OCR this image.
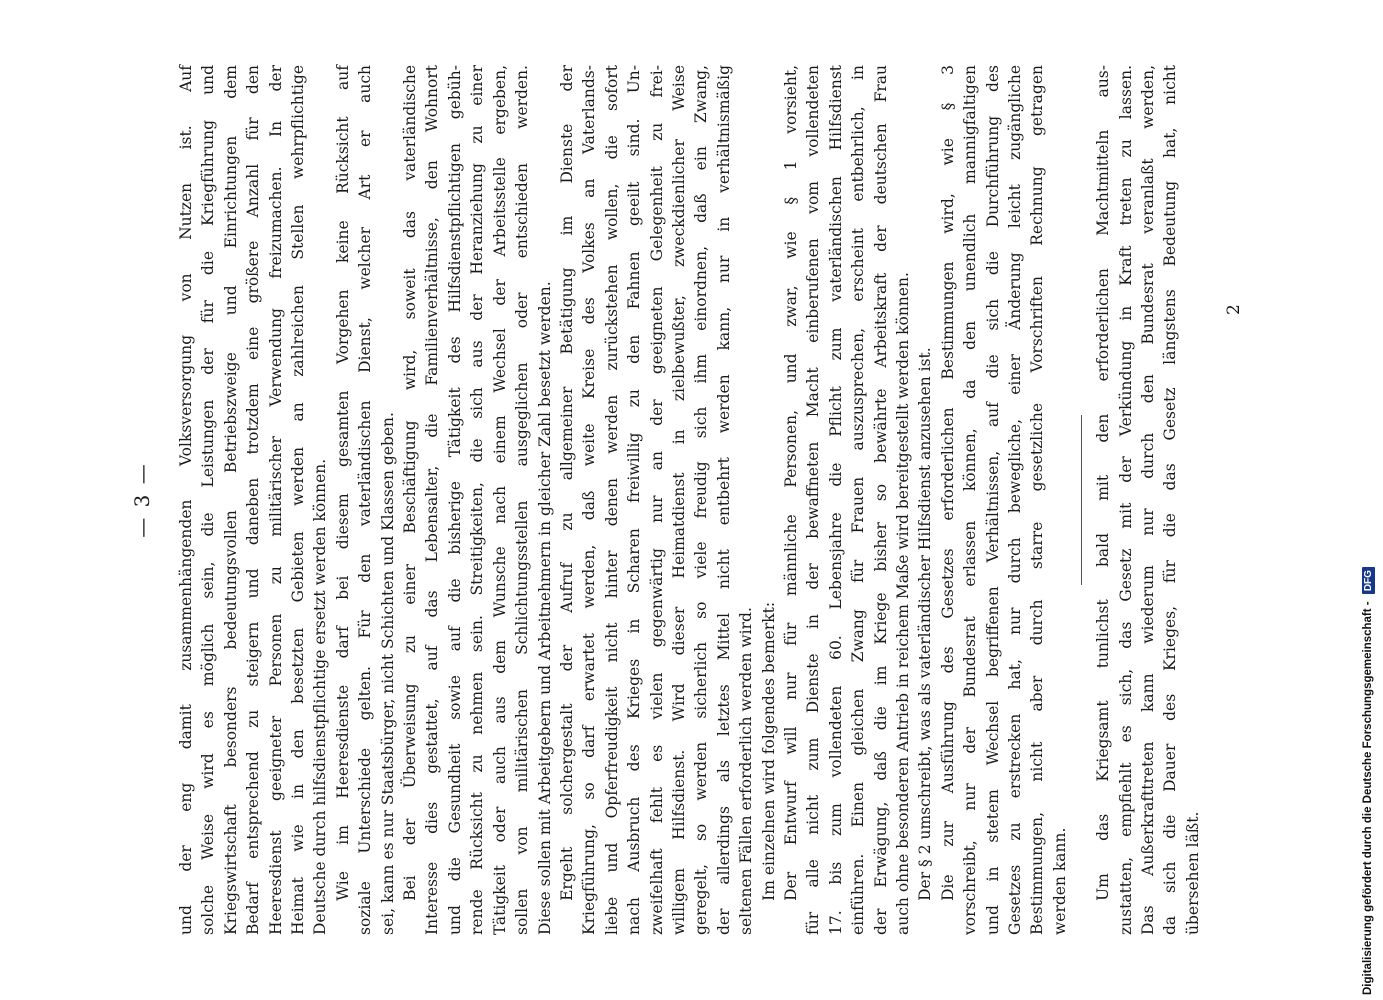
— 3 — und der eng damit zusammenhängenden Volksversorgung von Nutzen ist. Auf solche Weise wird es möglich sein, die Leistungen der für die Kriegführung und Kriegswirtschaft besonders bedeutungsvollen Betriebszweige und Einrichtungen dem Bedarf entsprechend zu steigern und daneben trotzdem eine größere Anzahl für den Heeresdienst geeigneter Personen zu militärischer Verwendung freizumachen. In der Heimat wie in den besetzten Gebieten werden an zahlreichen Stellen wehrpflichtige Deutsche durch hilfsdienstpflichtige ersetzt werden können. Wie im Heeresdienste darf bei diesem gesamten Vorgehen keine Rücksicht auf soziale Unterschiede gelten. Für den vaterländischen Dienst, welcher Art er auch sei, kann es nur Staatsbürger, nicht Schichten und Klassen geben. Bei der Überweisung zu einer Beschäftigung wird, soweit das vaterländische Interesse dies gestattet, auf das Lebensalter, die Familienverhältnisse, den Wohnort und die Gesundheit sowie auf die bisherige Tätigkeit des Hilfsdienstpflichtigen gebüh- rende Rücksicht zu nehmen sein. Streitigkeiten, die sich aus der Heranziehung zu einer Tätigkeit oder auch aus dem Wunsche nach einem Wechsel der Arbeitsstelle ergeben, sollen von militärischen Schlichtungsstellen ausgeglichen oder entschieden werden. Diese sollen mit Arbeitgebern und Arbeitnehmern in gleicher Zahl besetzt werden. Ergeht solchergestalt der Aufruf zu allgemeiner Betätigung im Dienste der Kriegführung, so darf erwartet werden, daß weite Kreise des Volkes an Vaterlands- liebe und Opferfreudigkeit nicht hinter denen werden zurückstehen wollen, die sofort nach Ausbruch des Krieges in Scharen freiwillig zu den Fahnen geeilt sind. Un- zweifelhaft fehlt es vielen gegenwärtig nur an der geeigneten Gelegenheit zu frei- willigem Hilfsdienst. Wird dieser Heimatdienst in zielbewußter, zweckdienlicher Weise geregelt, so werden sicherlich so viele freudig sich ihm einordnen, daß ein Zwang, der allerdings als letztes Mittel nicht entbehrt werden kann, nur in verhältnismäßig seltenen Fällen erforderlich werden wird. Im einzelnen wird folgendes bemerkt: Der Entwurf will nur für männliche Personen, und zwar, wie § 1 vorsieht, für alle nicht zum Dienste in der bewaffneten Macht einberufenen vom vollendeten 17. bis zum vollendeten 60. Lebensjahre die Pflicht zum vaterländischen Hilfsdienst einführen. Einen gleichen Zwang für Frauen auszusprechen, erscheint entbehrlich, in der Erwägung, daß die im Kriege bisher so bewährte Arbeitskraft der deutschen Frau auch ohne besonderen Antrieb in reichem Maße wird bereitgestellt werden können. Der § 2 umschreibt, was als vaterländischer Hilfsdienst anzusehen ist. Die zur Ausführung des Gesetzes erforderlichen Bestimmungen wird, wie § 3 vorschreibt, nur der Bundesrat erlassen können, da den unendlich mannigfaltigen und in stetem Wechsel begriffenen Verhältnissen, auf die sich die Durchführung des Gesetzes zu erstrecken hat, nur durch bewegliche, einer Änderung leicht zugängliche Bestimmungen, nicht aber durch starre gesetzliche Vorschriften Rechnung getragen werden kann. Um das Kriegsamt tunlichst bald mit den erforderlichen Machtmitteln aus- zustatten, empfiehlt es sich, das Gesetz mit der Verkündung in Kraft treten zu lassen. Das Außerkrafttreten kann wiederum nur durch den Bundesrat veranlaßt werden, da sich die Dauer des Krieges, für die das Gesetz längstens Bedeutung hat, nicht übersehen läßt.

2
Digitalisierung gefördert durch die Deutsche Forschungsgemeinschaft - DFG
